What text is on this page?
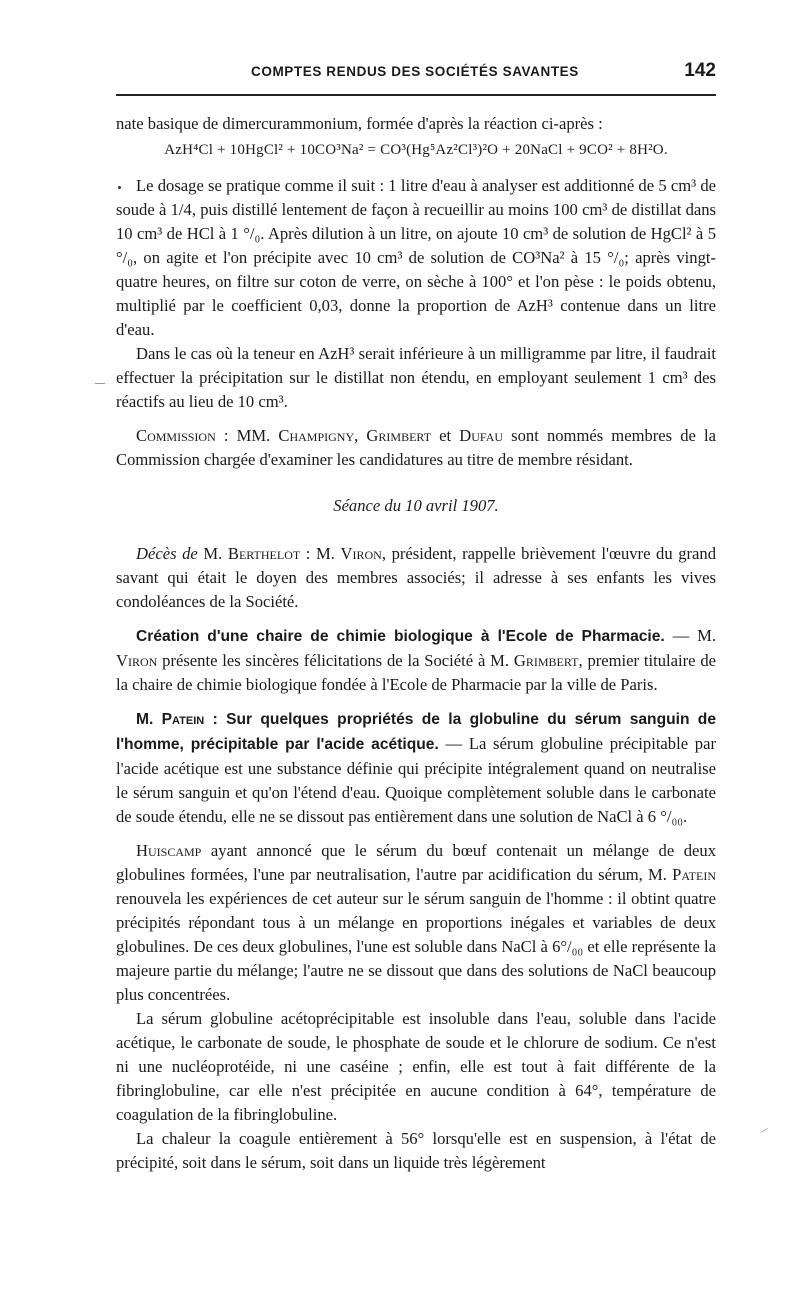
COMPTES RENDUS DES SOCIÉTÉS SAVANTES	142

nate basique de dimercurammonium, formée d'après la réaction ci-après :

AzH⁴Cl + 10HgCl² + 10CO³Na² = CO³(Hg⁵Az²Cl³)²O + 20NaCl + 9CO² + 8H²O.

Le dosage se pratique comme il suit : 1 litre d'eau à analyser est additionné de 5 cm³ de soude à 1/4, puis distillé lentement de façon à recueillir au moins 100 cm³ de distillat dans 10 cm³ de HCl à 1 °/₀. Après dilution à un litre, on ajoute 10 cm³ de solution de HgCl² à 5 °/₀, on agite et l'on précipite avec 10 cm³ de solution de CO³Na² à 15 °/₀; après vingt-quatre heures, on filtre sur coton de verre, on sèche à 100° et l'on pèse : le poids obtenu, multiplié par le coefficient 0,03, donne la proportion de AzH³ contenue dans un litre d'eau.

Dans le cas où la teneur en AzH³ serait inférieure à un milligramme par litre, il faudrait effectuer la précipitation sur le distillat non étendu, en employant seulement 1 cm³ des réactifs au lieu de 10 cm³.

Commission : MM. Champigny, Grimbert et Dufau sont nommés membres de la Commission chargée d'examiner les candidatures au titre de membre résidant.

Séance du 10 avril 1907.

Décès de M. Berthelot : M. Viron, président, rappelle brièvement l'œuvre du grand savant qui était le doyen des membres associés; il adresse à ses enfants les vives condoléances de la Société.

Création d'une chaire de chimie biologique à l'Ecole de Pharmacie. — M. Viron présente les sincères félicitations de la Société à M. Grimbert, premier titulaire de la chaire de chimie biologique fondée à l'Ecole de Pharmacie par la ville de Paris.

M. Patein : Sur quelques propriétés de la globuline du sérum sanguin de l'homme, précipitable par l'acide acétique. — La sérum globuline précipitable par l'acide acétique est une substance définie qui précipite intégralement quand on neutralise le sérum sanguin et qu'on l'étend d'eau. Quoique complètement soluble dans le carbonate de soude étendu, elle ne se dissout pas entièrement dans une solution de NaCl à 6 °/₀₀.

Huiscamp ayant annoncé que le sérum du bœuf contenait un mélange de deux globulines formées, l'une par neutralisation, l'autre par acidification du sérum, M. Patein renouvela les expériences de cet auteur sur le sérum sanguin de l'homme : il obtint quatre précipités répondant tous à un mélange en proportions inégales et variables de deux globulines. De ces deux globulines, l'une est soluble dans NaCl à 6°/₀₀ et elle représente la majeure partie du mélange; l'autre ne se dissout que dans des solutions de NaCl beaucoup plus concentrées.

La sérum globuline acétoprécipitable est insoluble dans l'eau, soluble dans l'acide acétique, le carbonate de soude, le phosphate de soude et le chlorure de sodium. Ce n'est ni une nucléoprotéide, ni une caséine ; enfin, elle est tout à fait différente de la fibringlobuline, car elle n'est précipitée en aucune condition à 64°, température de coagulation de la fibringlobuline.

La chaleur la coagule entièrement à 56° lorsqu'elle est en suspension, à l'état de précipité, soit dans le sérum, soit dans un liquide très légèrement
